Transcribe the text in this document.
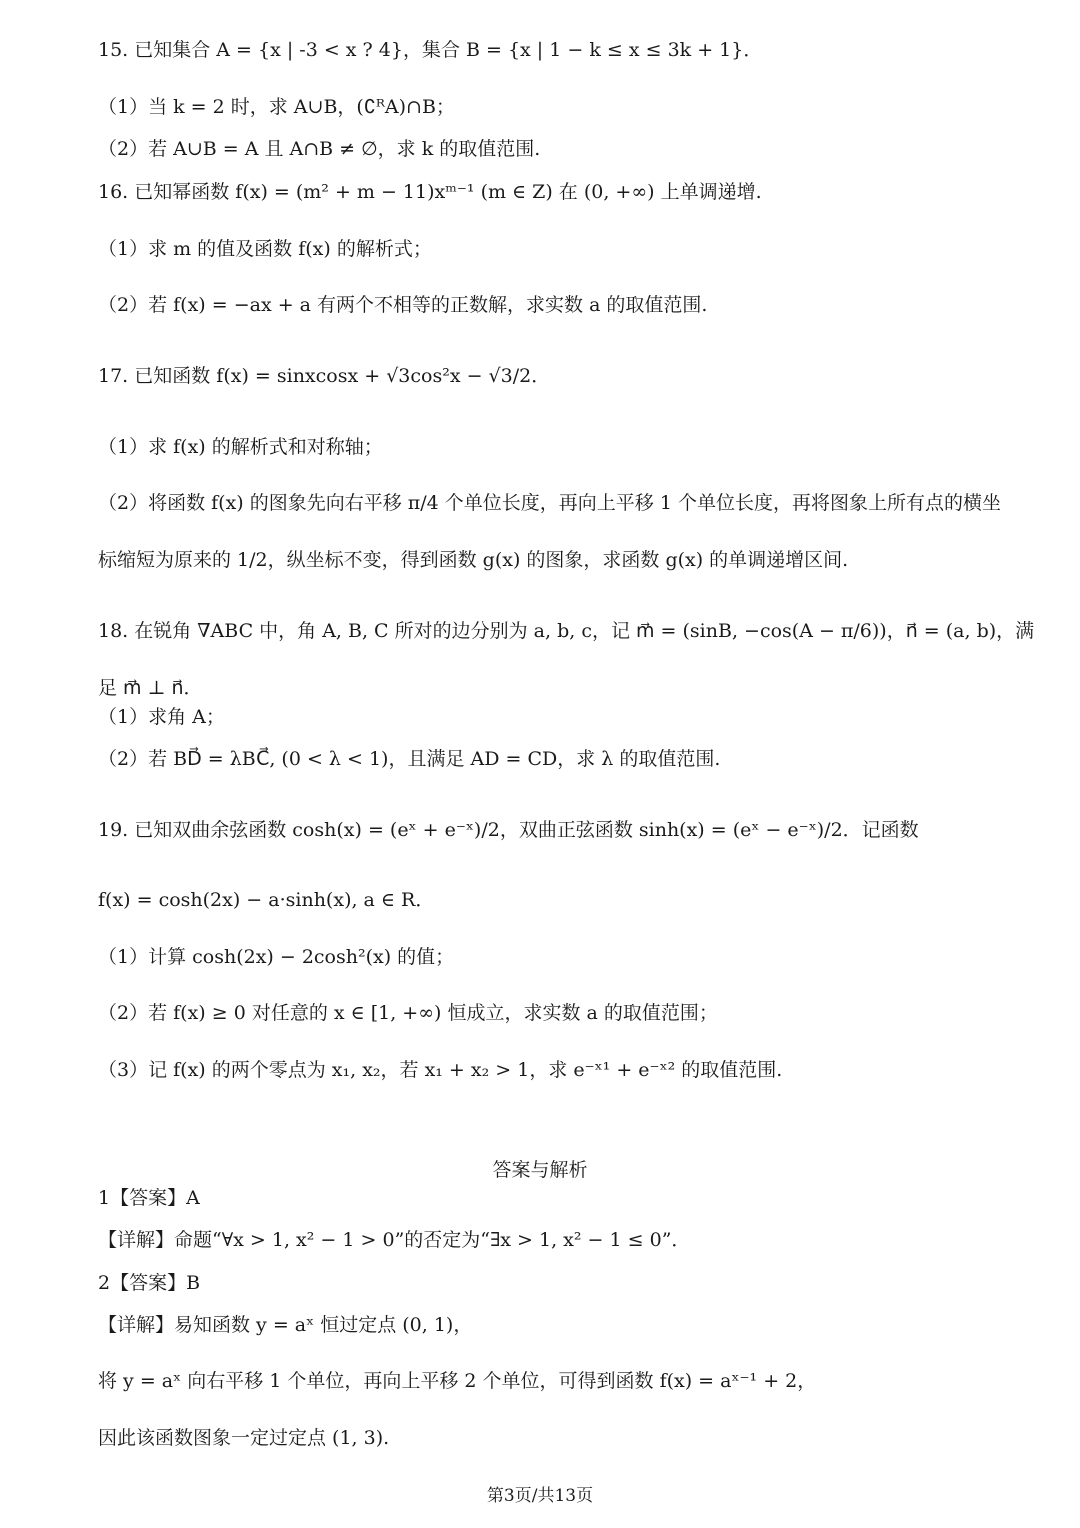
15. 已知集合 A = {x | -3 < x ? 4}，集合 B = {x | 1 − k ≤ x ≤ 3k + 1}．
（1）当 k = 2 时，求 A∪B，(∁ᴿA)∩B；
（2）若 A∪B = A 且 A∩B ≠ ∅，求 k 的取值范围.
16. 已知幂函数 f(x) = (m² + m − 11)xᵐ⁻¹ (m ∈ Z) 在 (0, +∞) 上单调递增.
（1）求 m 的值及函数 f(x) 的解析式；
（2）若 f(x) = −ax + a 有两个不相等的正数解，求实数 a 的取值范围.
17. 已知函数 f(x) = sinxcosx + √3cos²x − √3/2．
（1）求 f(x) 的解析式和对称轴；
（2）将函数 f(x) 的图象先向右平移 π/4 个单位长度，再向上平移 1 个单位长度，再将图象上所有点的横坐
标缩短为原来的 1/2，纵坐标不变，得到函数 g(x) 的图象，求函数 g(x) 的单调递增区间.
18. 在锐角 ∇ABC 中，角 A, B, C 所对的边分别为 a, b, c，记 m⃗ = (sinB, −cos(A − π/6))，n⃗ = (a, b)，满
足 m⃗ ⊥ n⃗．
（1）求角 A；
（2）若 BD⃗ = λBC⃗, (0 < λ < 1)，且满足 AD = CD，求 λ 的取值范围.
19. 已知双曲余弦函数 cosh(x) = (eˣ + e⁻ˣ)/2，双曲正弦函数 sinh(x) = (eˣ − e⁻ˣ)/2．记函数
f(x) = cosh(2x) − a·sinh(x), a ∈ R．
（1）计算 cosh(2x) − 2cosh²(x) 的值；
（2）若 f(x) ≥ 0 对任意的 x ∈ [1, +∞) 恒成立，求实数 a 的取值范围；
（3）记 f(x) 的两个零点为 x₁, x₂，若 x₁ + x₂ > 1，求 e⁻ˣ¹ + e⁻ˣ² 的取值范围.
答案与解析
1【答案】A
【详解】命题“∀x > 1, x² − 1 > 0”的否定为“∃x > 1, x² − 1 ≤ 0”．
2【答案】B
【详解】易知函数 y = aˣ 恒过定点 (0, 1)，
将 y = aˣ 向右平移 1 个单位，再向上平移 2 个单位，可得到函数 f(x) = aˣ⁻¹ + 2，
因此该函数图象一定过定点 (1, 3).
第3页/共13页
